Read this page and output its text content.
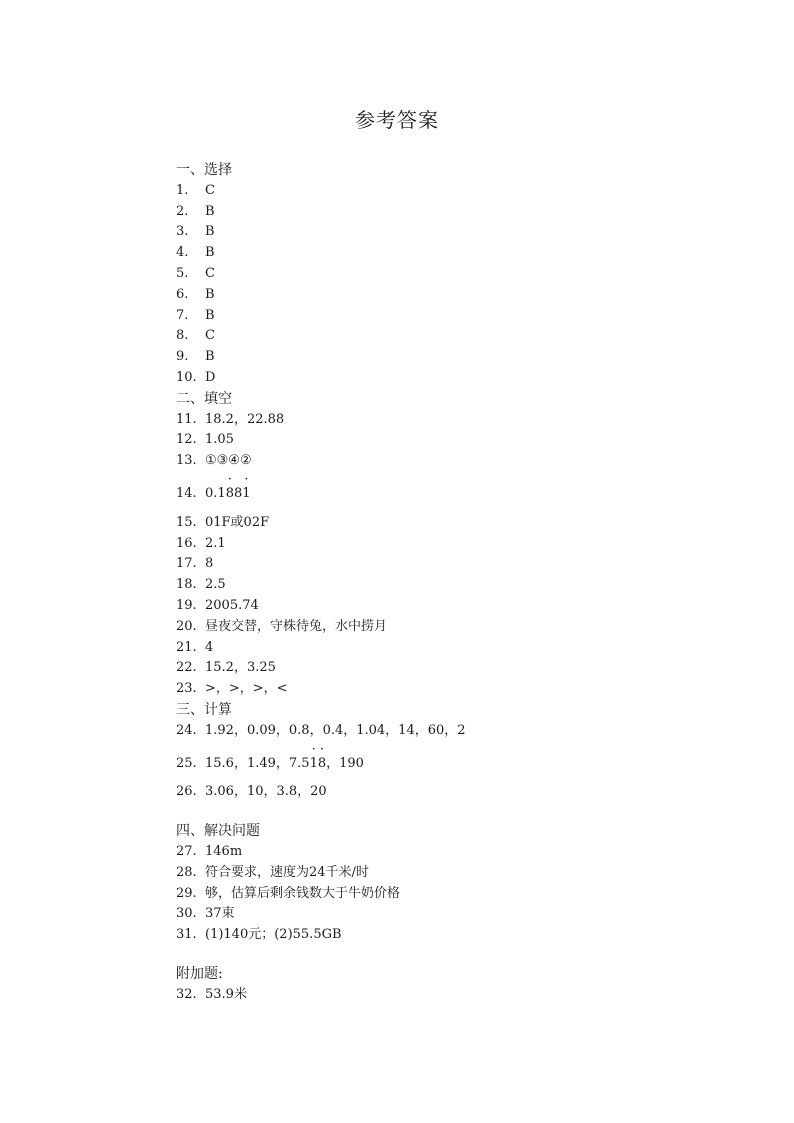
参考答案
一、选择
1. C
2. B
3. B
4. B
5. C
6. B
7. B
8. C
9. B
10. D
二、填空
11. 18.2，22.88
12. 1.05
13. ①③④②
14. 0.1· 88· 1
15. 01F或02F
16. 2.1
17. 8
18. 2.5
19. 2005.74
20. 昼夜交替，守株待兔，水中捞月
21. 4
22. 15.2，3.25
23. >，>，>，<
三、计算
24. 1.92，0.09，0.8，0.4，1.04，14，60，2
25. 15.6，1.49，7.5· 1· 8，190
26. 3.06，10，3.8，20
四、解决问题
27. 146m
28. 符合要求，速度为24千米/时
29. 够，估算后剩余钱数大于牛奶价格
30. 37束
31. (1)140元；(2)55.5GB
附加题:
32. 53.9米
